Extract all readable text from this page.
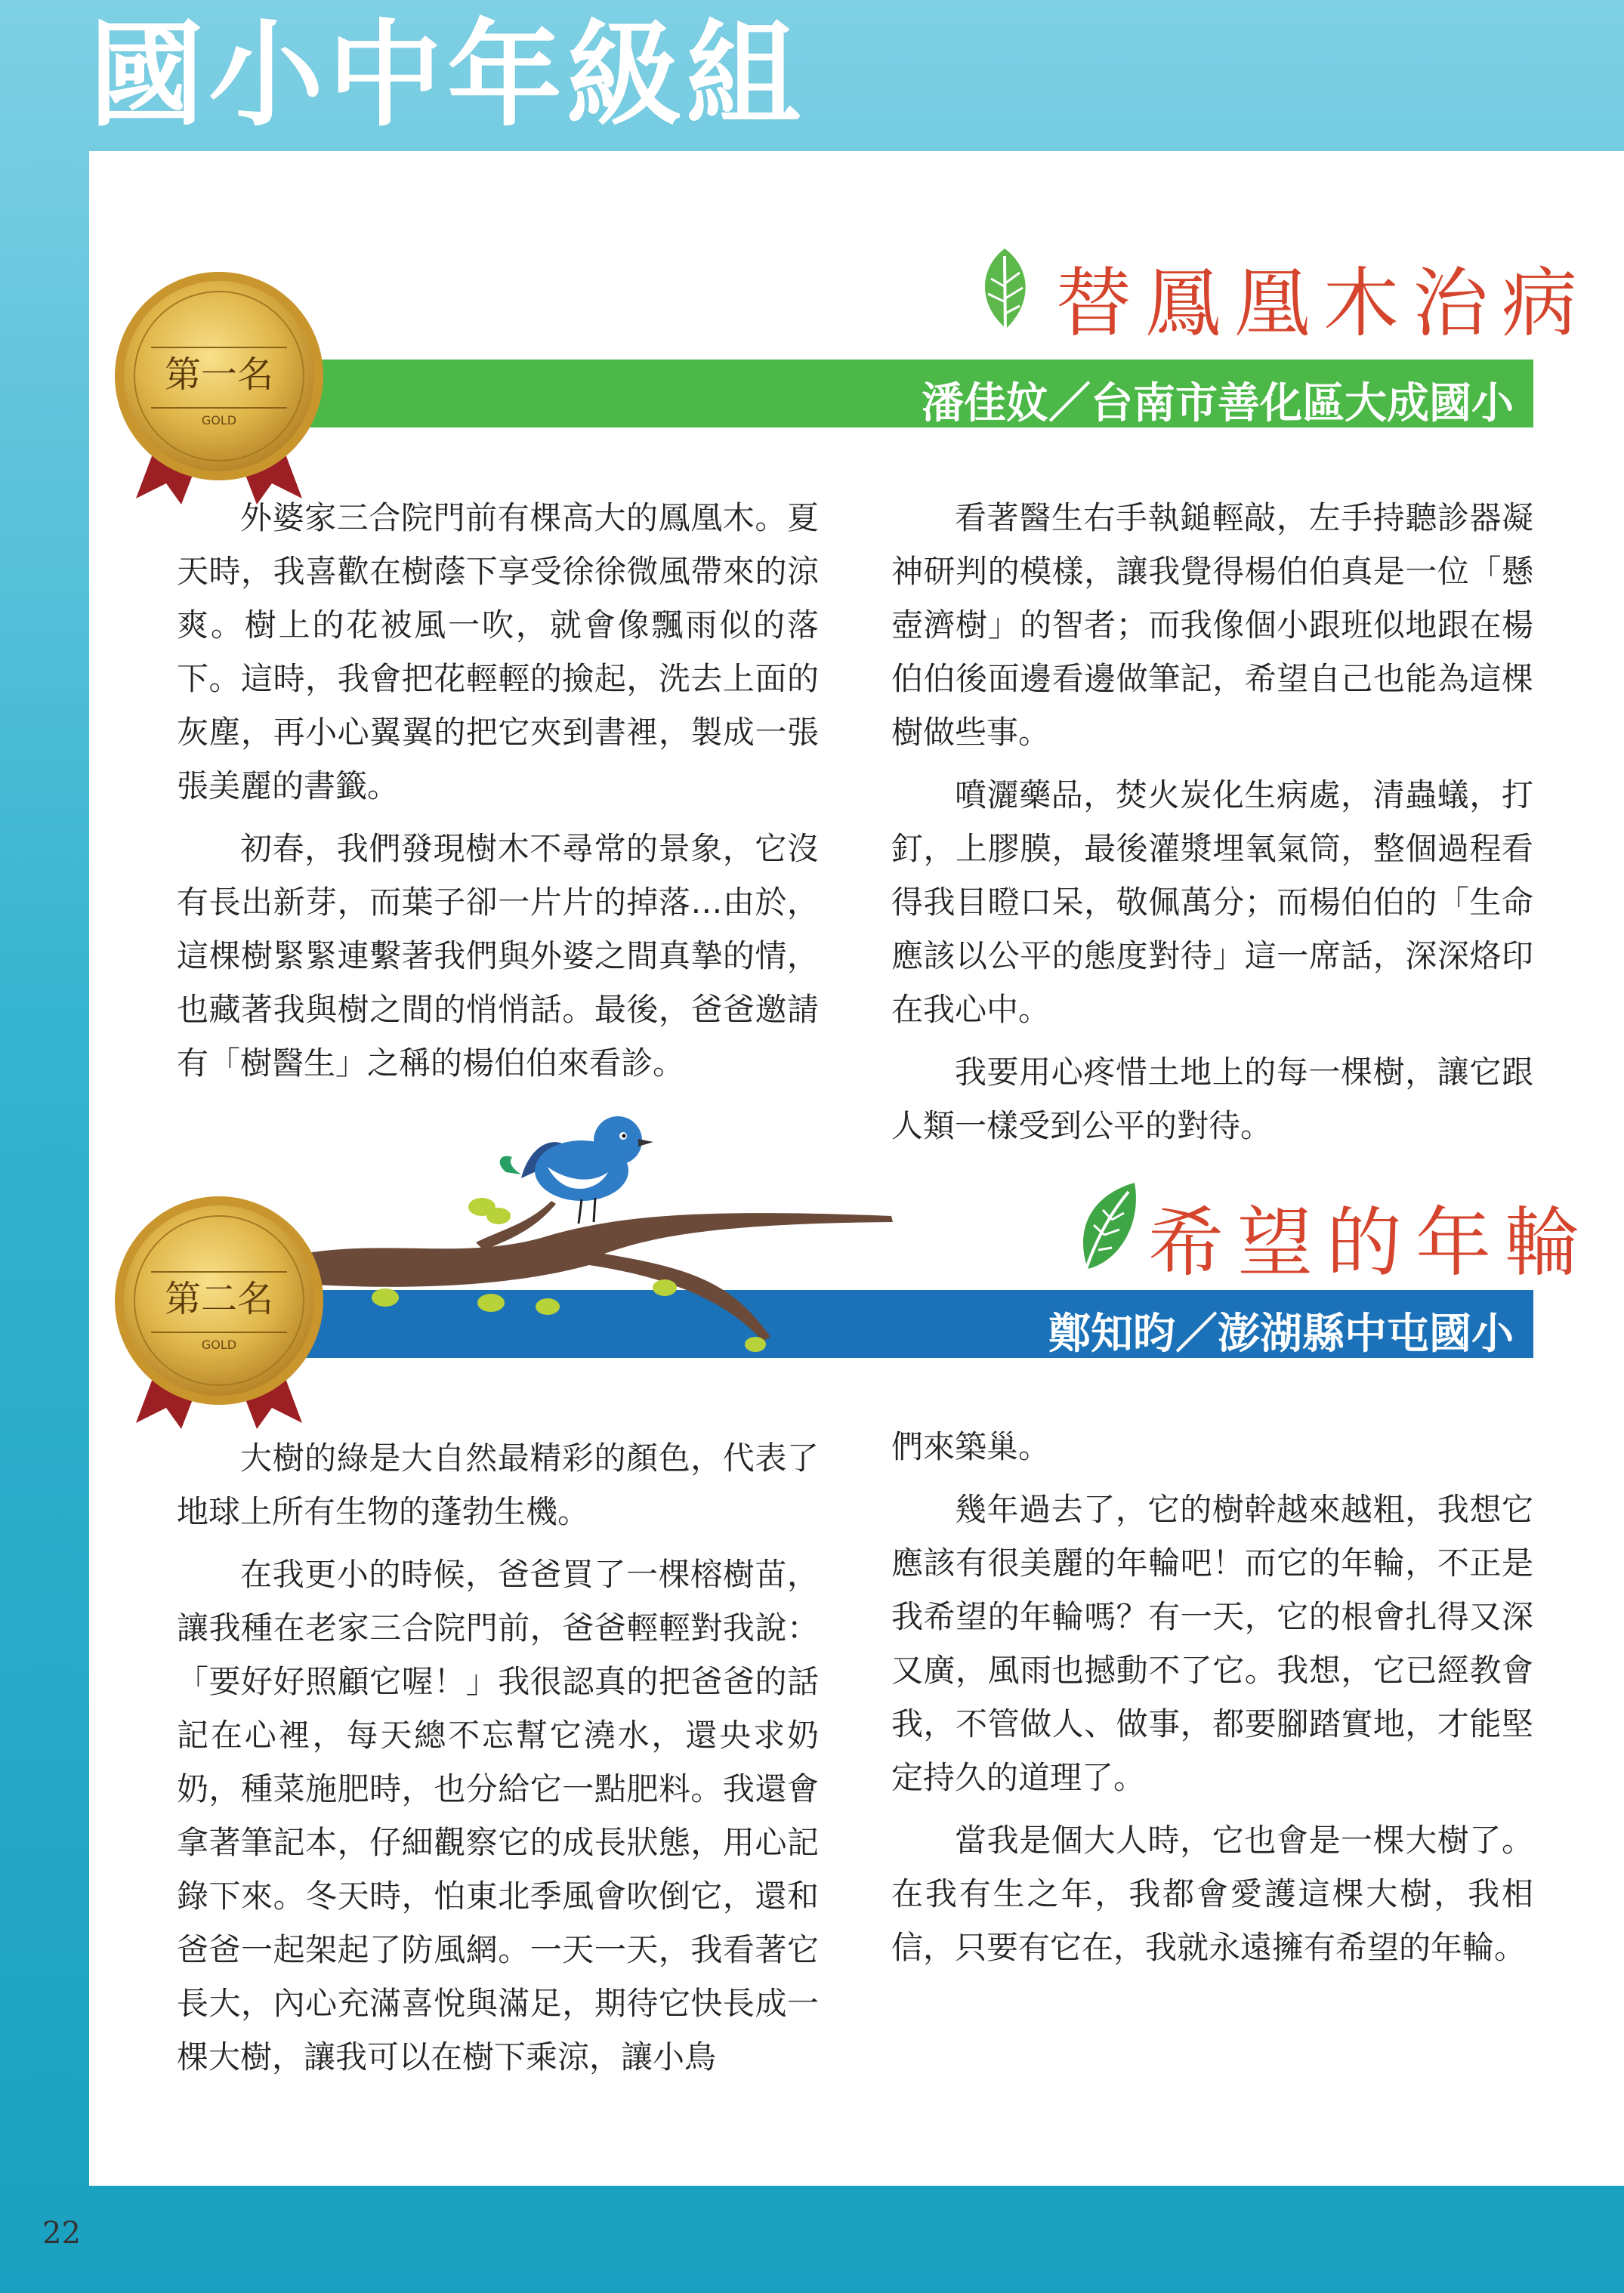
國小中年級組
替鳳凰木治病
潘佳妏／台南市善化區大成國小
第一名
GOLD

外婆家三合院門前有棵高大的鳳凰木。夏天時，我喜歡在樹蔭下享受徐徐微風帶來的涼爽。樹上的花被風一吹，就會像飄雨似的落下。這時，我會把花輕輕的撿起，洗去上面的灰塵，再小心翼翼的把它夾到書裡，製成一張張美麗的書籤。

初春，我們發現樹木不尋常的景象，它沒有長出新芽，而葉子卻一片片的掉落…由於，這棵樹緊緊連繫著我們與外婆之間真摯的情，也藏著我與樹之間的悄悄話。最後，爸爸邀請有「樹醫生」之稱的楊伯伯來看診。

看著醫生右手執鎚輕敲，左手持聽診器凝神研判的模樣，讓我覺得楊伯伯真是一位「懸壺濟樹」的智者；而我像個小跟班似地跟在楊伯伯後面邊看邊做筆記，希望自己也能為這棵樹做些事。

噴灑藥品，焚火炭化生病處，清蟲蟻，打釘，上膠膜，最後灌漿埋氧氣筒，整個過程看得我目瞪口呆，敬佩萬分；而楊伯伯的「生命應該以公平的態度對待」這一席話，深深烙印在我心中。

我要用心疼惜土地上的每一棵樹，讓它跟人類一樣受到公平的對待。

鄭知昀／澎湖縣中屯國小
希望的年輪
第二名
GOLD

大樹的綠是大自然最精彩的顏色，代表了地球上所有生物的蓬勃生機。

在我更小的時候，爸爸買了一棵榕樹苗，讓我種在老家三合院門前，爸爸輕輕對我說：「要好好照顧它喔！」我很認真的把爸爸的話記在心裡，每天總不忘幫它澆水，還央求奶奶，種菜施肥時，也分給它一點肥料。我還會拿著筆記本，仔細觀察它的成長狀態，用心記錄下來。冬天時，怕東北季風會吹倒它，還和爸爸一起架起了防風網。一天一天，我看著它長大，內心充滿喜悅與滿足，期待它快長成一棵大樹，讓我可以在樹下乘涼，讓小鳥

們來築巢。

幾年過去了，它的樹幹越來越粗，我想它應該有很美麗的年輪吧！而它的年輪，不正是我希望的年輪嗎？有一天，它的根會扎得又深又廣，風雨也撼動不了它。我想，它已經教會我，不管做人、做事，都要腳踏實地，才能堅定持久的道理了。

當我是個大人時，它也會是一棵大樹了。在我有生之年，我都會愛護這棵大樹，我相信，只要有它在，我就永遠擁有希望的年輪。

22
